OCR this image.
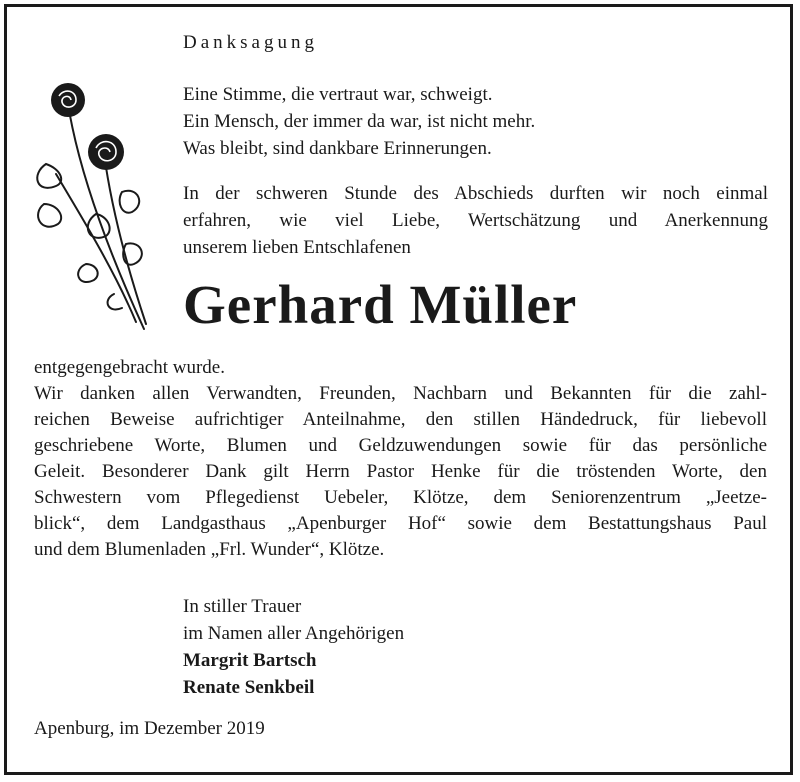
Danksagung
Eine Stimme, die vertraut war, schweigt.
Ein Mensch, der immer da war, ist nicht mehr.
Was bleibt, sind dankbare Erinnerungen.
In der schweren Stunde des Abschieds durften wir noch einmal
erfahren, wie viel Liebe, Wertschätzung und Anerkennung
unserem lieben Entschlafenen
Gerhard Müller
entgegengebracht wurde.
Wir danken allen Verwandten, Freunden, Nachbarn und Bekannten für die zahl-
reichen Beweise aufrichtiger Anteilnahme, den stillen Händedruck, für liebevoll
geschriebene Worte, Blumen und Geldzuwendungen sowie für das persönliche
Geleit. Besonderer Dank gilt Herrn Pastor Henke für die tröstenden Worte, den
Schwestern vom Pflegedienst Uebeler, Klötze, dem Seniorenzentrum „Jeetze-
blick“, dem Landgasthaus „Apenburger Hof“ sowie dem Bestattungshaus Paul
und dem Blumenladen „Frl. Wunder“, Klötze.
In stiller Trauer
im Namen aller Angehörigen
Margrit Bartsch
Renate Senkbeil
Apenburg, im Dezember 2019
